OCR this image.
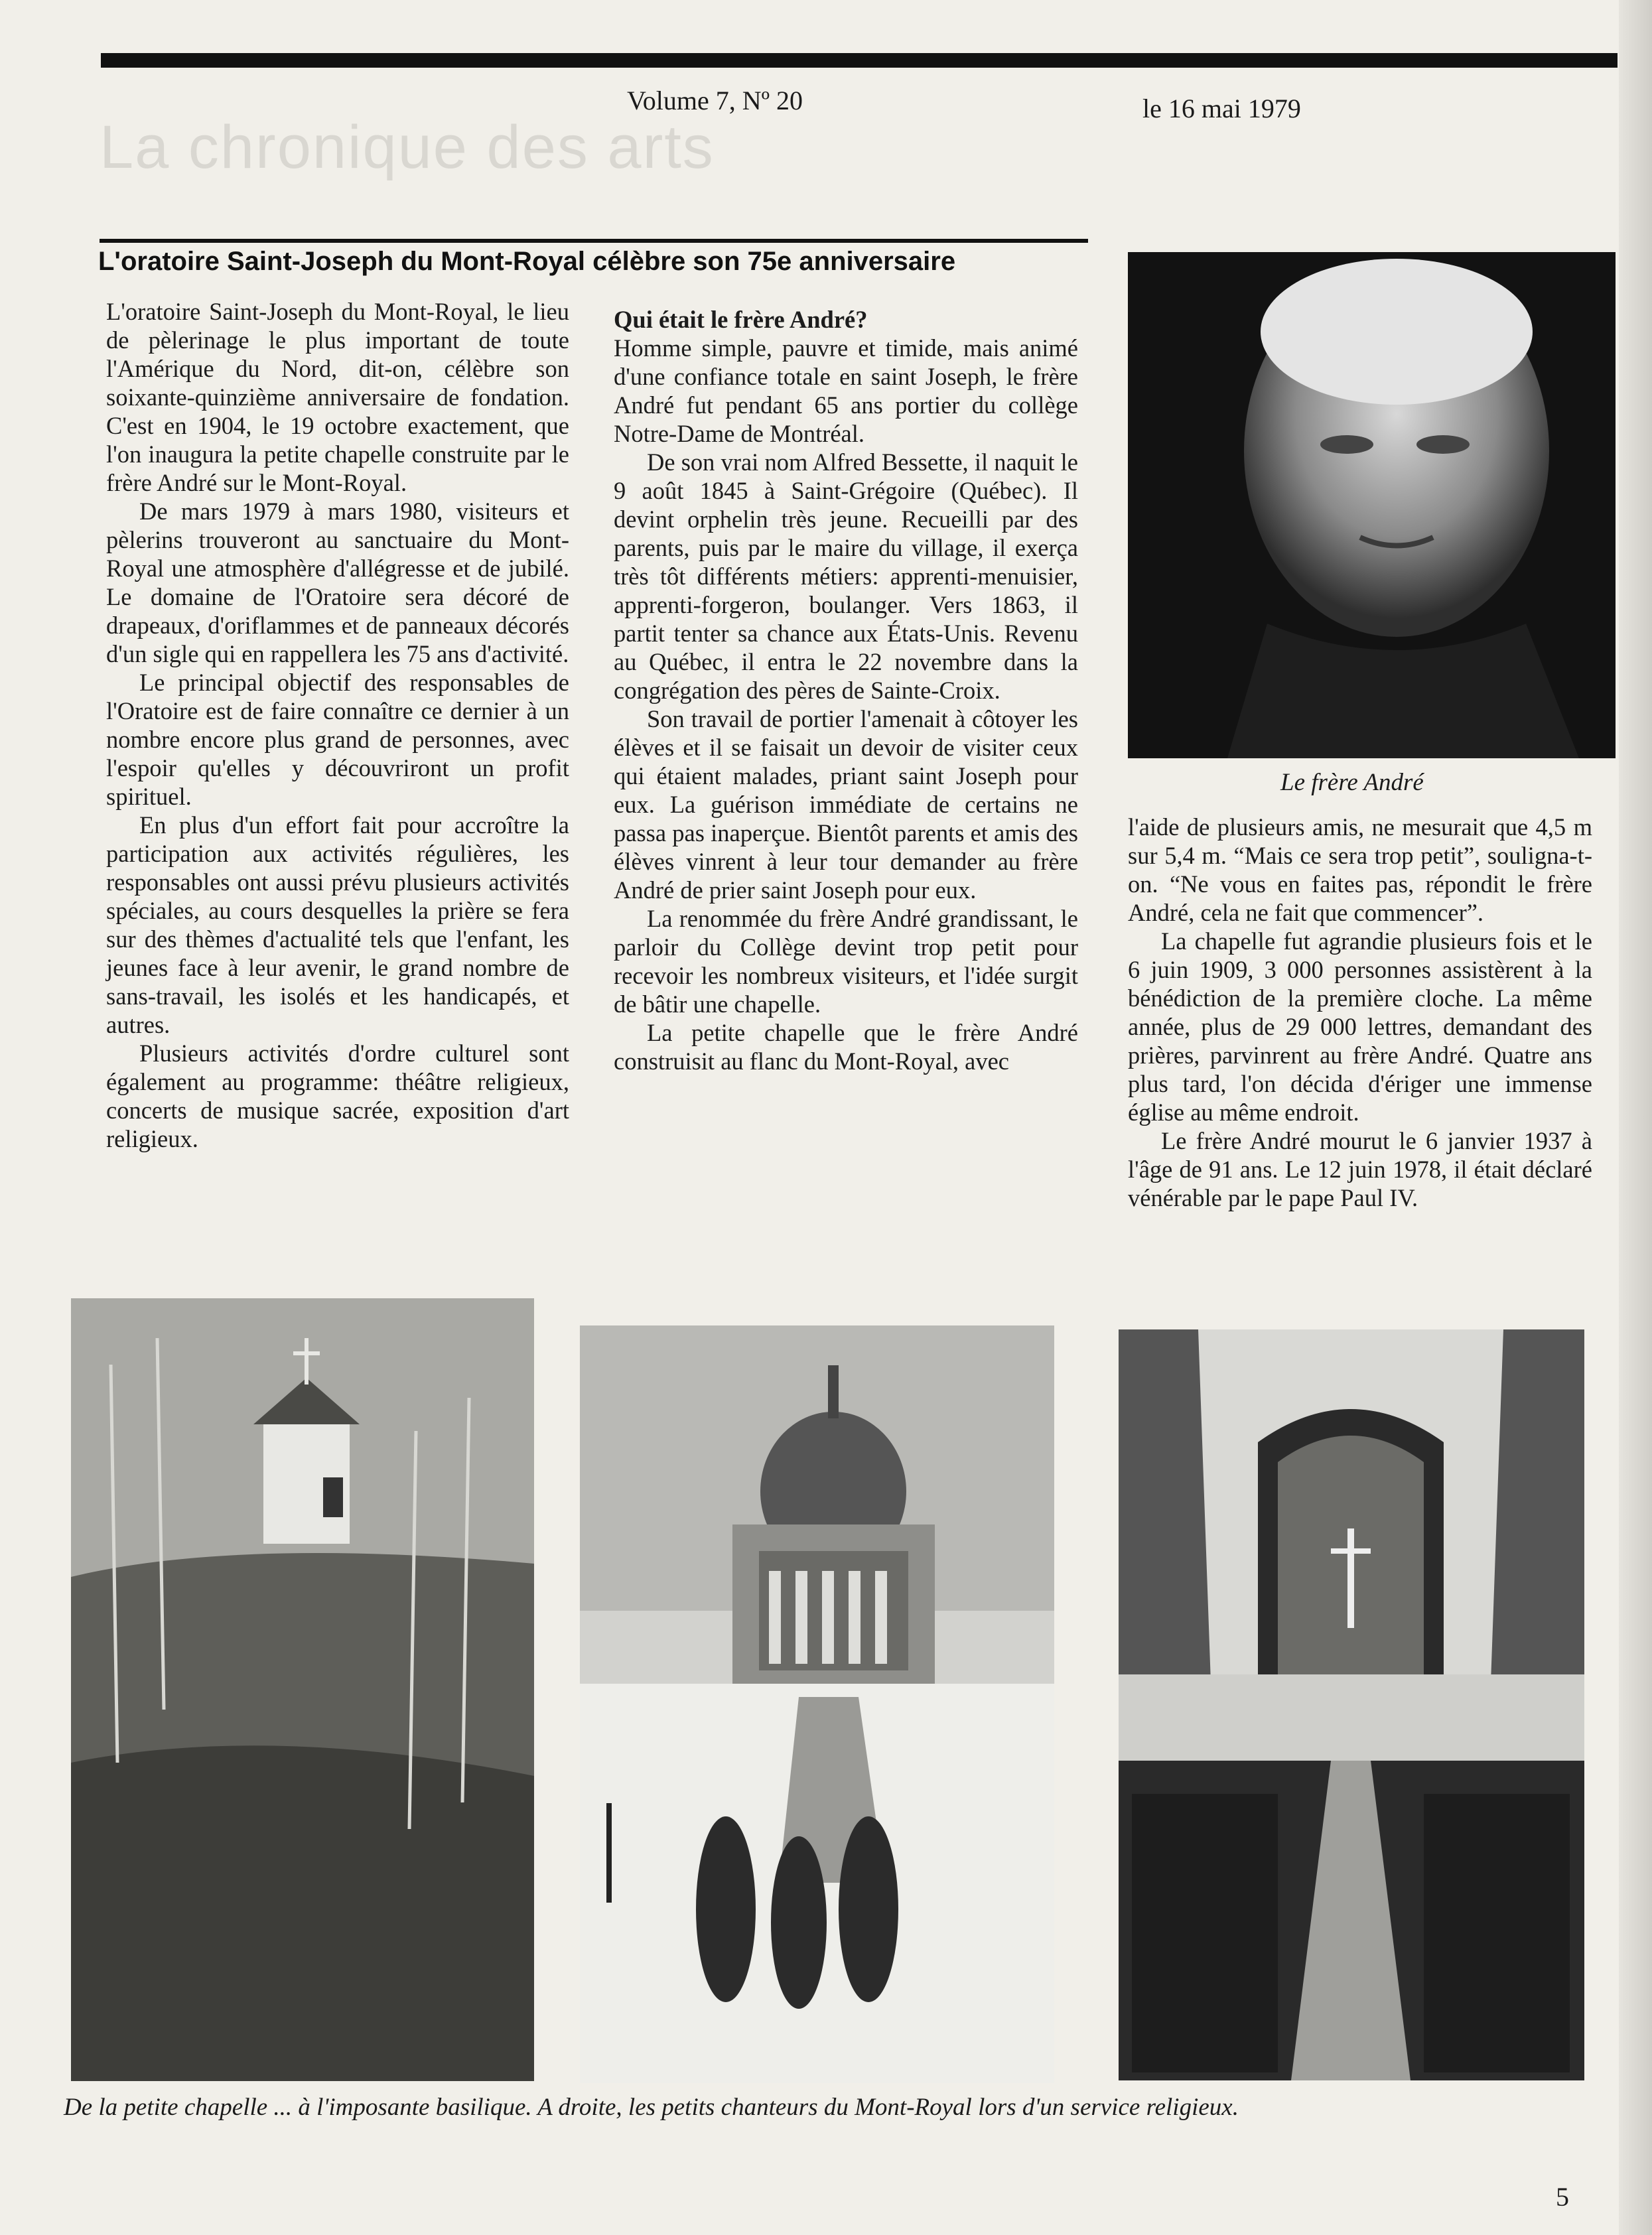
La chronique des arts
Volume 7, Nº 20	le 16 mai 1979
L'oratoire Saint-Joseph du Mont-Royal célèbre son 75e anniversaire

L'oratoire Saint-Joseph du Mont-Royal, le lieu de pèlerinage le plus important de toute l'Amérique du Nord, dit-on, célèbre son soixante-quinzième anniversaire de fondation. C'est en 1904, le 19 octobre exactement, que l'on inaugura la petite chapelle construite par le frère André sur le Mont-Royal.

De mars 1979 à mars 1980, visiteurs et pèlerins trouveront au sanctuaire du Mont-Royal une atmosphère d'allégresse et de jubilé. Le domaine de l'Oratoire sera décoré de drapeaux, d'oriflammes et de panneaux décorés d'un sigle qui en rappellera les 75 ans d'activité.

Le principal objectif des responsables de l'Oratoire est de faire connaître ce dernier à un nombre encore plus grand de personnes, avec l'espoir qu'elles y découvriront un profit spirituel.

En plus d'un effort fait pour accroître la participation aux activités régulières, les responsables ont aussi prévu plusieurs activités spéciales, au cours desquelles la prière se fera sur des thèmes d'actualité tels que l'enfant, les jeunes face à leur avenir, le grand nombre de sans-travail, les isolés et les handicapés, et autres.

Plusieurs activités d'ordre culturel sont également au programme: théâtre religieux, concerts de musique sacrée, exposition d'art religieux.

Qui était le frère André?

Homme simple, pauvre et timide, mais animé d'une confiance totale en saint Joseph, le frère André fut pendant 65 ans portier du collège Notre-Dame de Montréal.

De son vrai nom Alfred Bessette, il naquit le 9 août 1845 à Saint-Grégoire (Québec). Il devint orphelin très jeune. Recueilli par des parents, puis par le maire du village, il exerça très tôt différents métiers: apprenti-menuisier, apprenti-forgeron, boulanger. Vers 1863, il partit tenter sa chance aux États-Unis. Revenu au Québec, il entra le 22 novembre dans la congrégation des pères de Sainte-Croix.

Son travail de portier l'amenait à côtoyer les élèves et il se faisait un devoir de visiter ceux qui étaient malades, priant saint Joseph pour eux. La guérison immédiate de certains ne passa pas inaperçue. Bientôt parents et amis des élèves vinrent à leur tour demander au frère André de prier saint Joseph pour eux.

La renommée du frère André grandissant, le parloir du Collège devint trop petit pour recevoir les nombreux visiteurs, et l'idée surgit de bâtir une chapelle.

La petite chapelle que le frère André construisit au flanc du Mont-Royal, avec

Le frère André

l'aide de plusieurs amis, ne mesurait que 4,5 m sur 5,4 m. “Mais ce sera trop petit”, souligna-t-on. “Ne vous en faites pas, répondit le frère André, cela ne fait que commencer”.

La chapelle fut agrandie plusieurs fois et le 6 juin 1909, 3 000 personnes assistèrent à la bénédiction de la première cloche. La même année, plus de 29 000 lettres, demandant des prières, parvinrent au frère André. Quatre ans plus tard, l'on décida d'ériger une immense église au même endroit.

Le frère André mourut le 6 janvier 1937 à l'âge de 91 ans. Le 12 juin 1978, il était déclaré vénérable par le pape Paul IV.

De la petite chapelle ... à l'imposante basilique. A droite, les petits chanteurs du Mont-Royal lors d'un service religieux.
5
